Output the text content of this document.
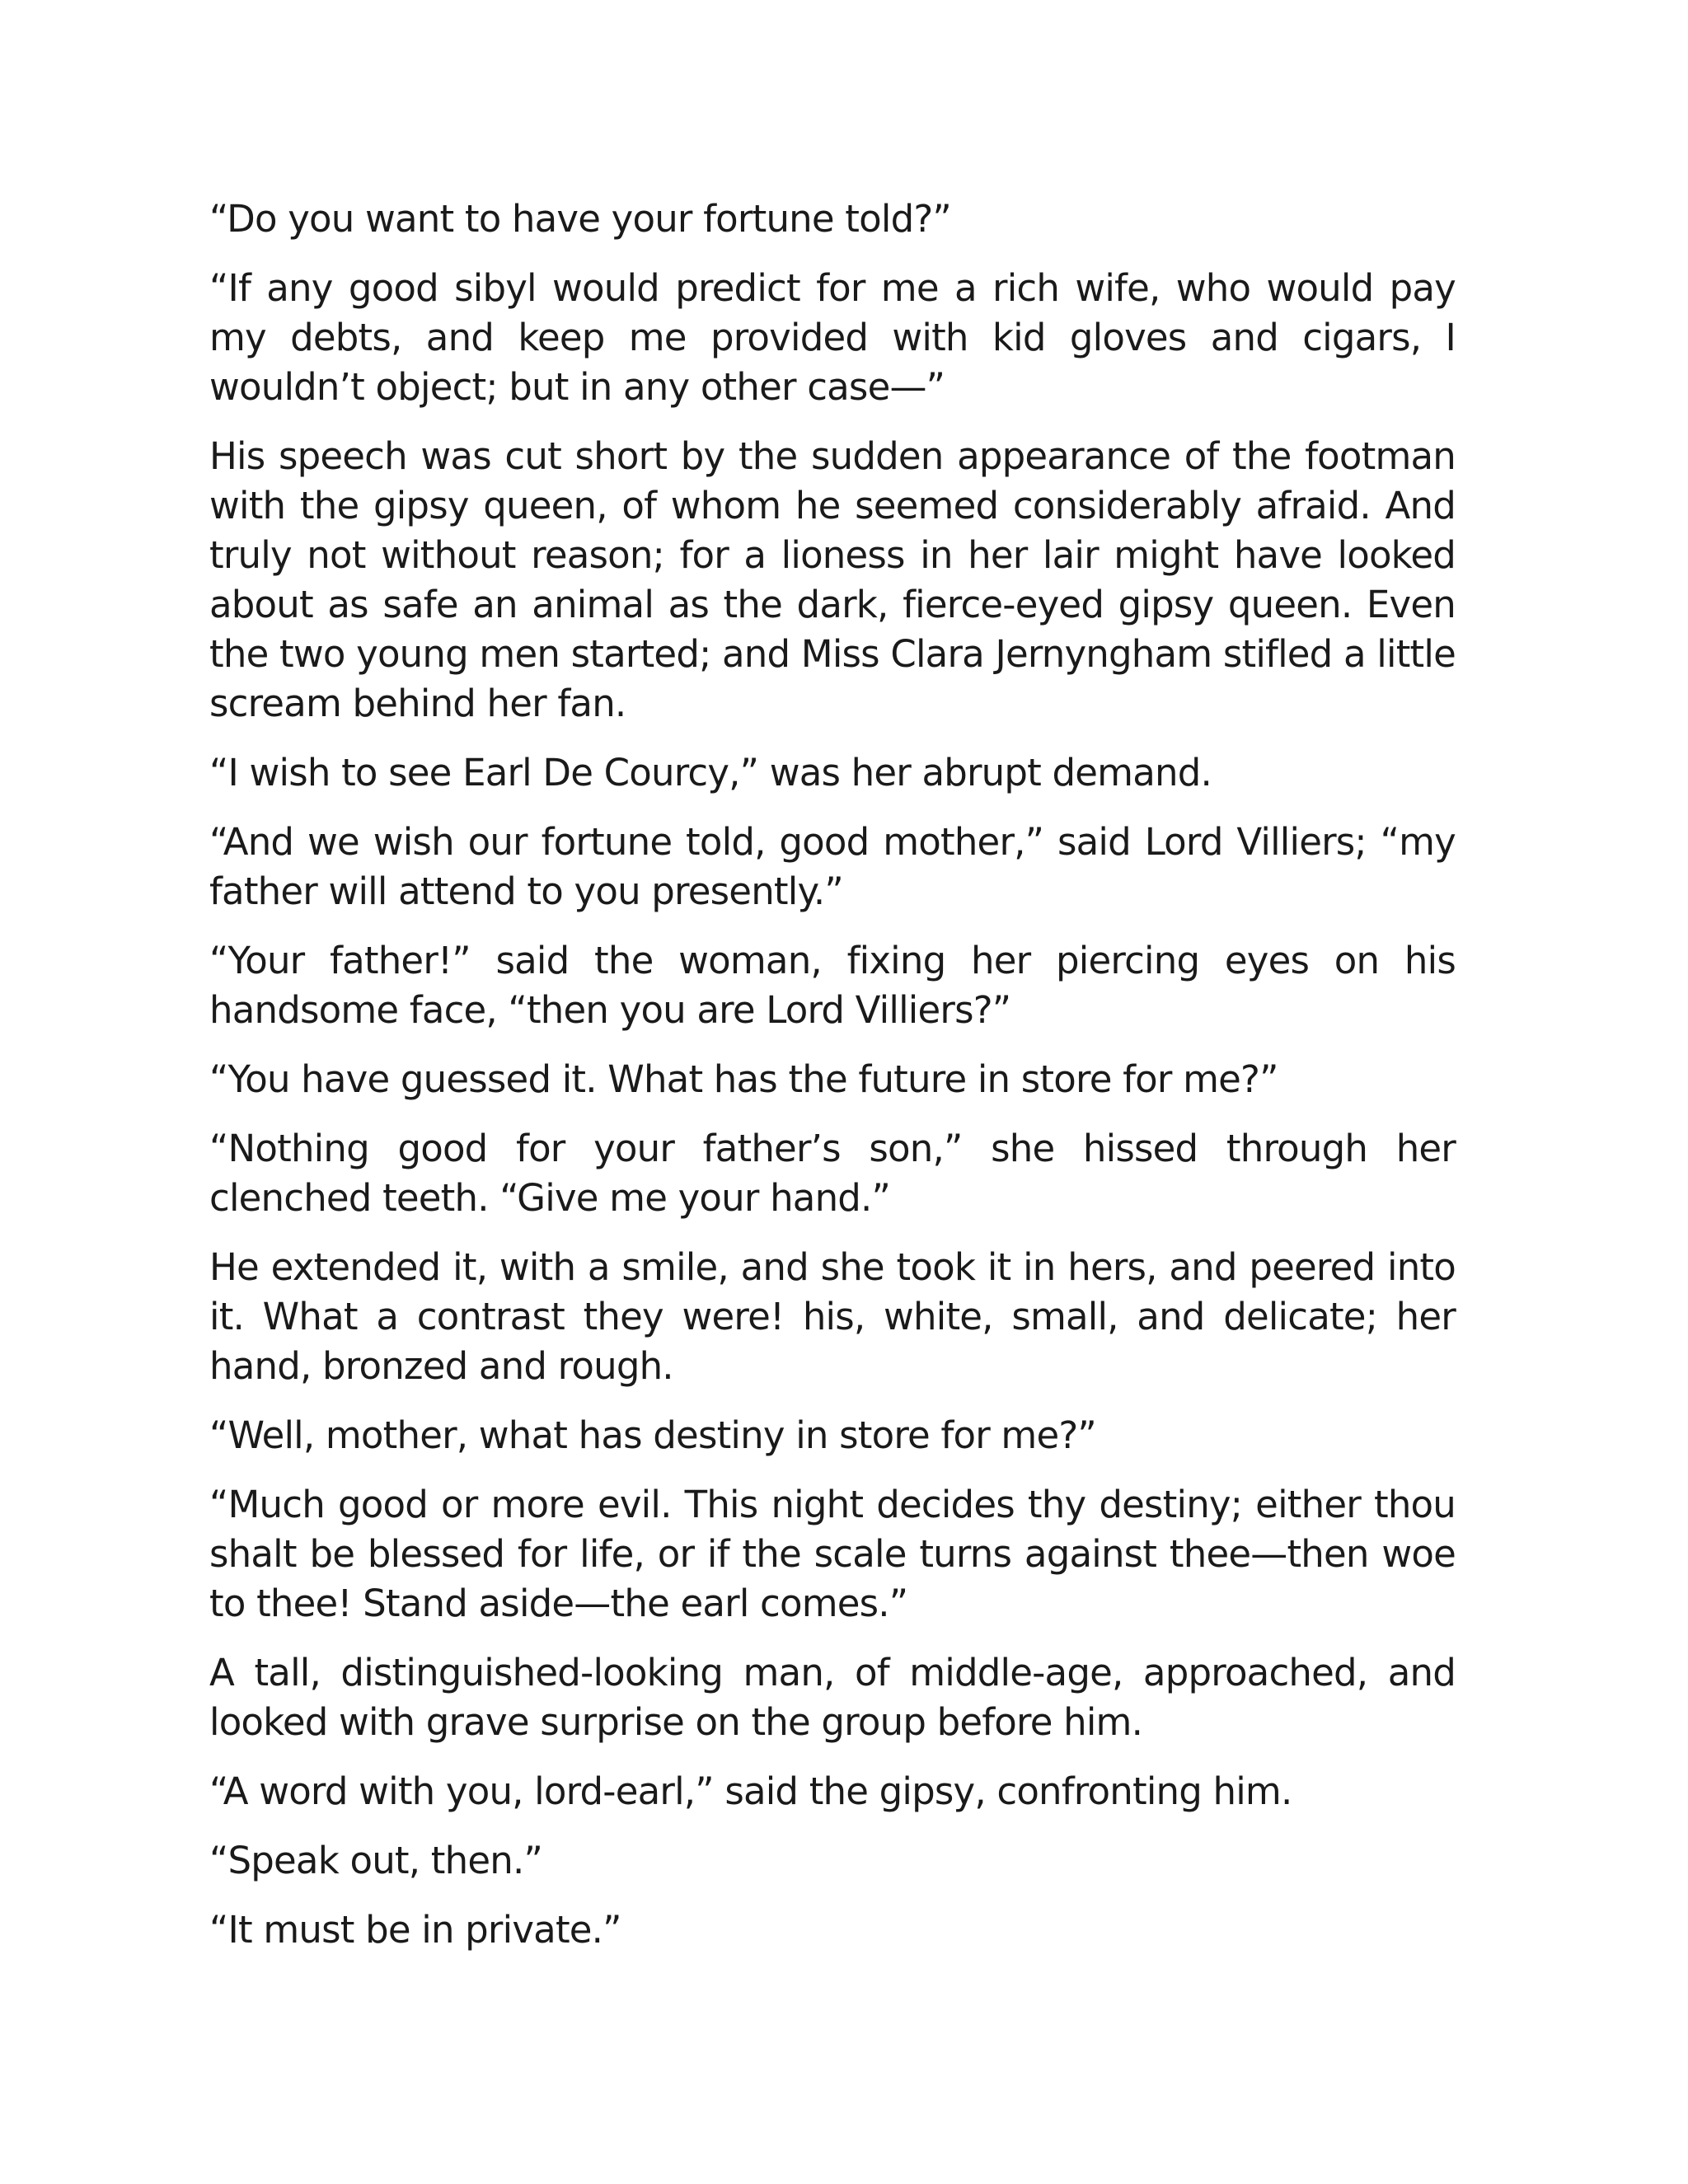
“Do you want to have your fortune told?”

“If any good sibyl would predict for me a rich wife, who would pay my debts, and keep me provided with kid gloves and cigars, I wouldn’t object; but in any other case—”

His speech was cut short by the sudden appearance of the footman with the gipsy queen, of whom he seemed considerably afraid. And truly not without reason; for a lioness in her lair might have looked about as safe an animal as the dark, fierce-eyed gipsy queen. Even the two young men started; and Miss Clara Jernyngham stifled a little scream behind her fan.

“I wish to see Earl De Courcy,” was her abrupt demand.

“And we wish our fortune told, good mother,” said Lord Villiers; “my father will attend to you presently.”

“Your father!” said the woman, fixing her piercing eyes on his handsome face, “then you are Lord Villiers?”

“You have guessed it. What has the future in store for me?”

“Nothing good for your father’s son,” she hissed through her clenched teeth. “Give me your hand.”

He extended it, with a smile, and she took it in hers, and peered into it. What a contrast they were! his, white, small, and delicate; her hand, bronzed and rough.

“Well, mother, what has destiny in store for me?”

“Much good or more evil. This night decides thy destiny; either thou shalt be blessed for life, or if the scale turns against thee—then woe to thee! Stand aside—the earl comes.”

A tall, distinguished-looking man, of middle-age, approached, and looked with grave surprise on the group before him.

“A word with you, lord-earl,” said the gipsy, confronting him.

“Speak out, then.”

“It must be in private.”
